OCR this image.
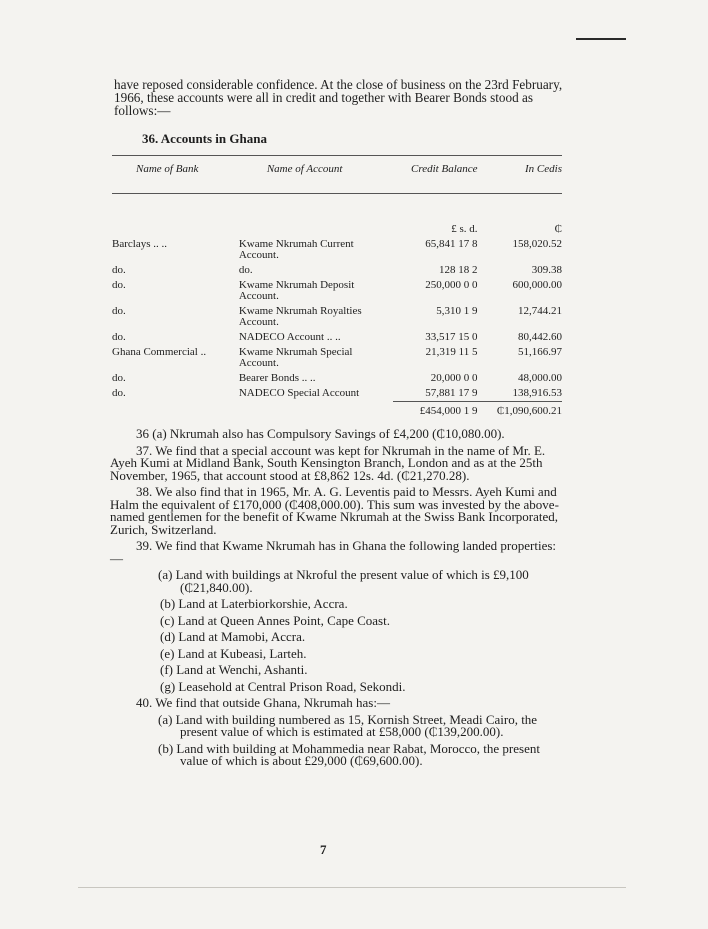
have reposed considerable confidence. At the close of business on the 23rd February, 1966, these accounts were all in credit and together with Bearer Bonds stood as follows:—
36. Accounts in Ghana
Name of Bank	Name of Account	Credit Balance	In Cedis
		£ s. d.	₵
Barclays .. ..	Kwame Nkrumah Current Account.	65,841 17 8	158,020.52
do.	do.	128 18 2	309.38
do.	Kwame Nkrumah Deposit Account.	250,000 0 0	600,000.00
do.	Kwame Nkrumah Royalties Account.	5,310 1 9	12,744.21
do.	NADECO Account .. ..	33,517 15 0	80,442.60
Ghana Commercial ..	Kwame Nkrumah Special Account.	21,319 11 5	51,166.97
do.	Bearer Bonds .. ..	20,000 0 0	48,000.00
do.	NADECO Special Account	57,881 17 9	138,916.53
		£454,000 1 9	₵1,090,600.21

36 (a) Nkrumah also has Compulsory Savings of £4,200 (₵10,080.00).

37. We find that a special account was kept for Nkrumah in the name of Mr. E. Ayeh Kumi at Midland Bank, South Kensington Branch, London and as at the 25th November, 1965, that account stood at £8,862 12s. 4d. (₵21,270.28).

38. We also find that in 1965, Mr. A. G. Leventis paid to Messrs. Ayeh Kumi and Halm the equivalent of £170,000 (₵408,000.00). This sum was invested by the above-named gentlemen for the benefit of Kwame Nkrumah at the Swiss Bank Incorporated, Zurich, Switzerland.

39. We find that Kwame Nkrumah has in Ghana the following landed properties:—

(a) Land with buildings at Nkroful the present value of which is £9,100 (₵21,840.00).

(b) Land at Laterbiorkorshie, Accra.

(c) Land at Queen Annes Point, Cape Coast.

(d) Land at Mamobi, Accra.

(e) Land at Kubeasi, Larteh.

(f) Land at Wenchi, Ashanti.

(g) Leasehold at Central Prison Road, Sekondi.

40. We find that outside Ghana, Nkrumah has:—

(a) Land with building numbered as 15, Kornish Street, Meadi Cairo, the present value of which is estimated at £58,000 (₵139,200.00).

(b) Land with building at Mohammedia near Rabat, Morocco, the present value of which is about £29,000 (₵69,600.00).

7
